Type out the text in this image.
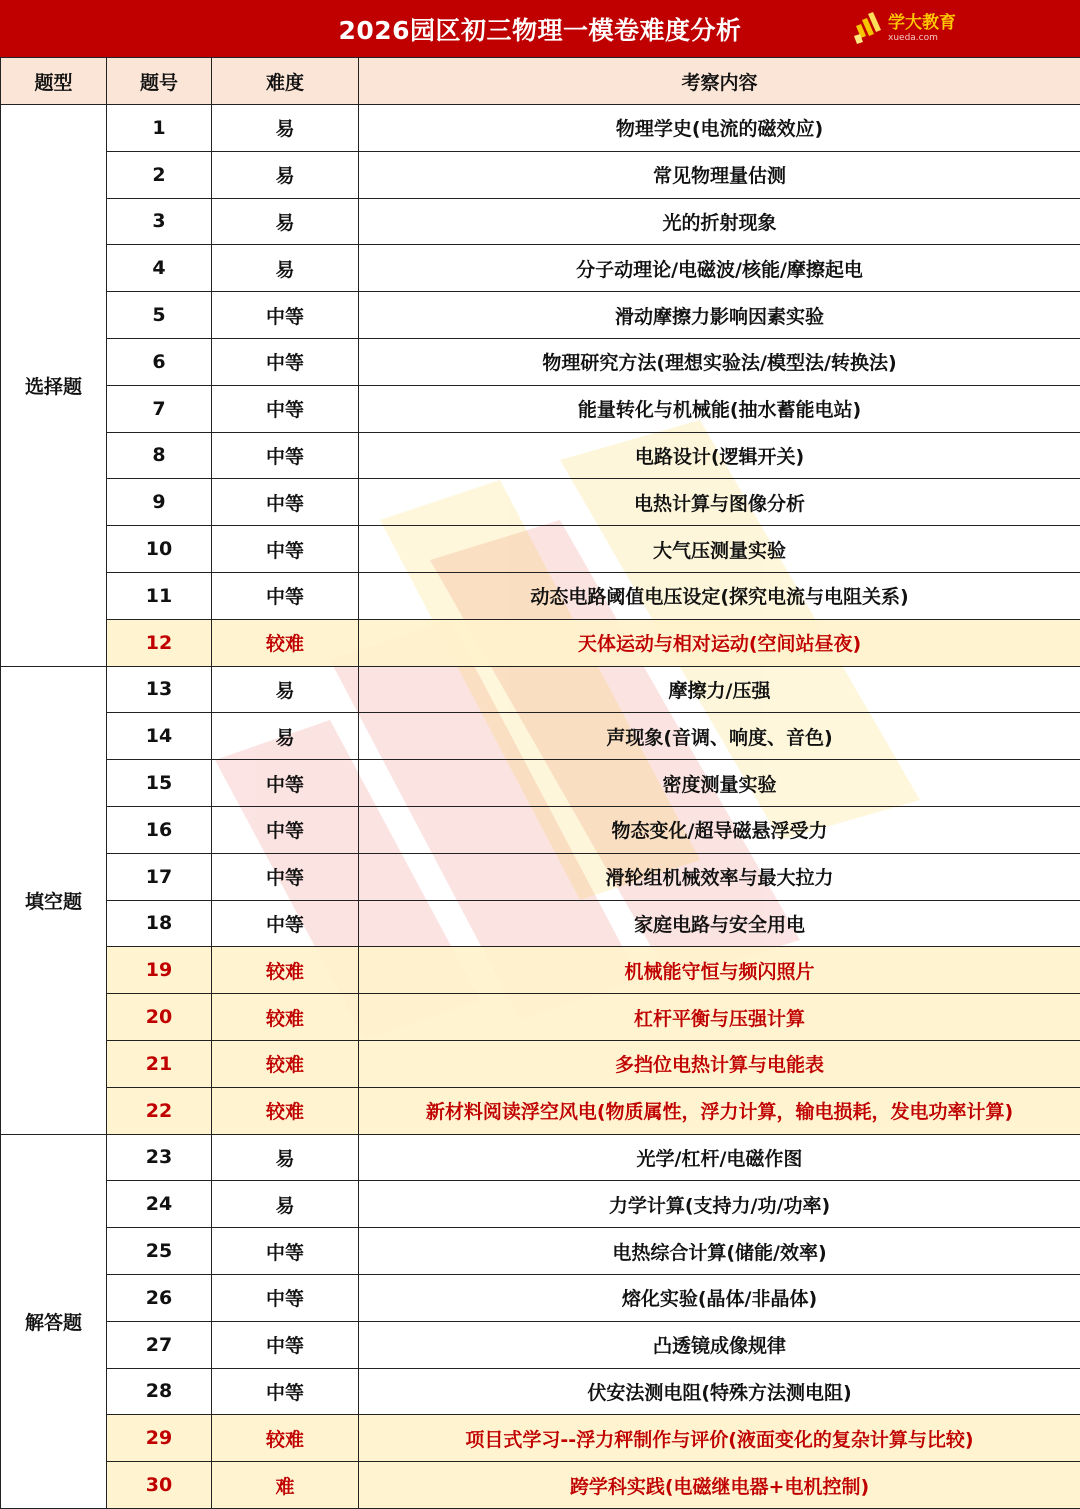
2026园区初三物理一模卷难度分析	学大教育
xueda.com
题型	题号	难度	考察内容
选择题	1	易	物理学史(电流的磁效应)
	2	易	常见物理量估测
	3	易	光的折射现象
	4	易	分子动理论/电磁波/核能/摩擦起电
	5	中等	滑动摩擦力影响因素实验
	6	中等	物理研究方法(理想实验法/模型法/转换法)
	7	中等	能量转化与机械能(抽水蓄能电站)
	8	中等	电路设计(逻辑开关)
	9	中等	电热计算与图像分析
	10	中等	大气压测量实验
	11	中等	动态电路阈值电压设定(探究电流与电阻关系)
	12	较难	天体运动与相对运动(空间站昼夜)
填空题	13	易	摩擦力/压强
	14	易	声现象(音调、响度、音色)
	15	中等	密度测量实验
	16	中等	物态变化/超导磁悬浮受力
	17	中等	滑轮组机械效率与最大拉力
	18	中等	家庭电路与安全用电
	19	较难	机械能守恒与频闪照片
	20	较难	杠杆平衡与压强计算
	21	较难	多挡位电热计算与电能表
	22	较难	新材料阅读浮空风电(物质属性，浮力计算，输电损耗，发电功率计算)
解答题	23	易	光学/杠杆/电磁作图
	24	易	力学计算(支持力/功/功率)
	25	中等	电热综合计算(储能/效率)
	26	中等	熔化实验(晶体/非晶体)
	27	中等	凸透镜成像规律
	28	中等	伏安法测电阻(特殊方法测电阻)
	29	较难	项目式学习--浮力秤制作与评价(液面变化的复杂计算与比较)
	30	难	跨学科实践(电磁继电器+电机控制)
